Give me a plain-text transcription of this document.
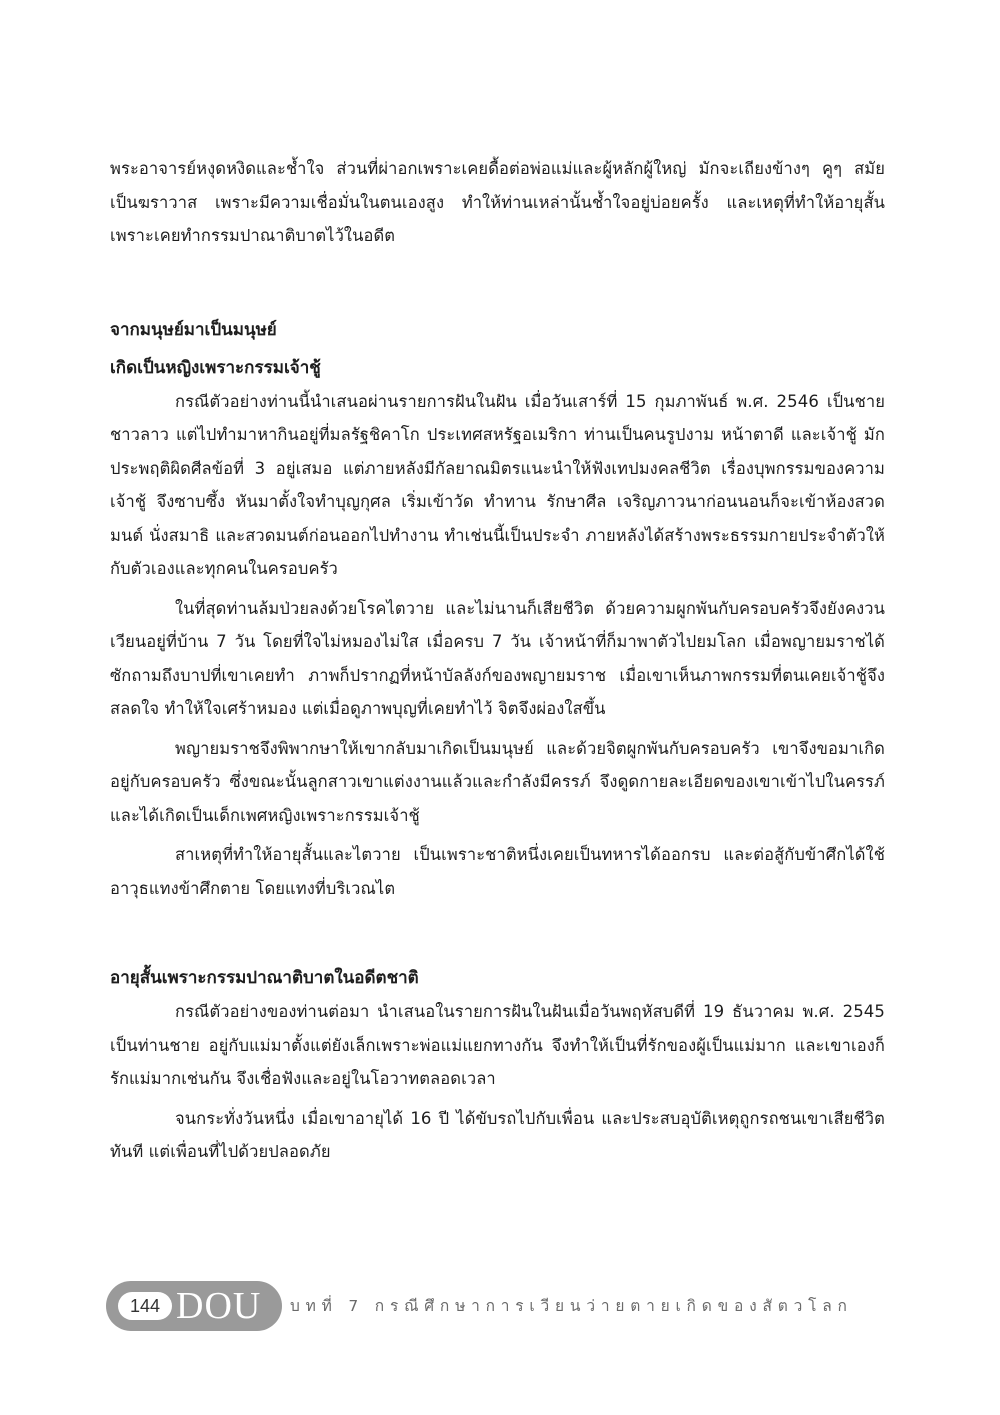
พระอาจารย์หงุดหงิดและช้ำใจ ส่วนที่ผ่าอกเพราะเคยดื้อต่อพ่อแม่และผู้หลักผู้ใหญ่ มักจะเถียงข้างๆ คูๆ สมัยเป็นฆราวาส เพราะมีความเชื่อมั่นในตนเองสูง ทำให้ท่านเหล่านั้นช้ำใจอยู่บ่อยครั้ง และเหตุที่ทำให้อายุสั้น เพราะเคยทำกรรมปาณาติบาตไว้ในอดีต

จากมนุษย์มาเป็นมนุษย์
เกิดเป็นหญิงเพราะกรรมเจ้าชู้

กรณีตัวอย่างท่านนี้นำเสนอผ่านรายการฝันในฝัน เมื่อวันเสาร์ที่ 15 กุมภาพันธ์ พ.ศ. 2546 เป็นชายชาวลาว แต่ไปทำมาหากินอยู่ที่มลรัฐชิคาโก ประเทศสหรัฐอเมริกา ท่านเป็นคนรูปงาม หน้าตาดี และเจ้าชู้ มักประพฤติผิดศีลข้อที่ 3 อยู่เสมอ แต่ภายหลังมีกัลยาณมิตรแนะนำให้ฟังเทปมงคลชีวิต เรื่องบุพกรรมของความเจ้าชู้ จึงซาบซึ้ง หันมาตั้งใจทำบุญกุศล เริ่มเข้าวัด ทำทาน รักษาศีล เจริญภาวนาก่อนนอนก็จะเข้าห้องสวดมนต์ นั่งสมาธิ และสวดมนต์ก่อนออกไปทำงาน ทำเช่นนี้เป็นประจำ ภายหลังได้สร้างพระธรรมกายประจำตัวให้กับตัวเองและทุกคนในครอบครัว

ในที่สุดท่านล้มป่วยลงด้วยโรคไตวาย และไม่นานก็เสียชีวิต ด้วยความผูกพันกับครอบครัวจึงยังคงวนเวียนอยู่ที่บ้าน 7 วัน โดยที่ใจไม่หมองไม่ใส เมื่อครบ 7 วัน เจ้าหน้าที่ก็มาพาตัวไปยมโลก เมื่อพญายมราชได้ซักถามถึงบาปที่เขาเคยทำ ภาพก็ปรากฏที่หน้าบัลลังก์ของพญายมราช เมื่อเขาเห็นภาพกรรมที่ตนเคยเจ้าชู้จึงสลดใจ ทำให้ใจเศร้าหมอง แต่เมื่อดูภาพบุญที่เคยทำไว้ จิตจึงผ่องใสขึ้น

พญายมราชจึงพิพากษาให้เขากลับมาเกิดเป็นมนุษย์ และด้วยจิตผูกพันกับครอบครัว เขาจึงขอมาเกิดอยู่กับครอบครัว ซึ่งขณะนั้นลูกสาวเขาแต่งงานแล้วและกำลังมีครรภ์ จึงดูดกายละเอียดของเขาเข้าไปในครรภ์ และได้เกิดเป็นเด็กเพศหญิงเพราะกรรมเจ้าชู้

สาเหตุที่ทำให้อายุสั้นและไตวาย เป็นเพราะชาติหนึ่งเคยเป็นทหารได้ออกรบ และต่อสู้กับข้าศึกได้ใช้อาวุธแทงข้าศึกตาย โดยแทงที่บริเวณไต

อายุสั้นเพราะกรรมปาณาติบาตในอดีตชาติ

กรณีตัวอย่างของท่านต่อมา นำเสนอในรายการฝันในฝันเมื่อวันพฤหัสบดีที่ 19 ธันวาคม พ.ศ. 2545 เป็นท่านชาย อยู่กับแม่มาตั้งแต่ยังเล็กเพราะพ่อแม่แยกทางกัน จึงทำให้เป็นที่รักของผู้เป็นแม่มาก และเขาเองก็รักแม่มากเช่นกัน จึงเชื่อฟังและอยู่ในโอวาทตลอดเวลา

จนกระทั่งวันหนึ่ง เมื่อเขาอายุได้ 16 ปี ได้ขับรถไปกับเพื่อน และประสบอุบัติเหตุถูกรถชนเขาเสียชีวิตทันที แต่เพื่อนที่ไปด้วยปลอดภัย

144 DOU บทที่ 7 กรณีศึกษาการเวียนว่ายตายเกิดของสัตวโลก
